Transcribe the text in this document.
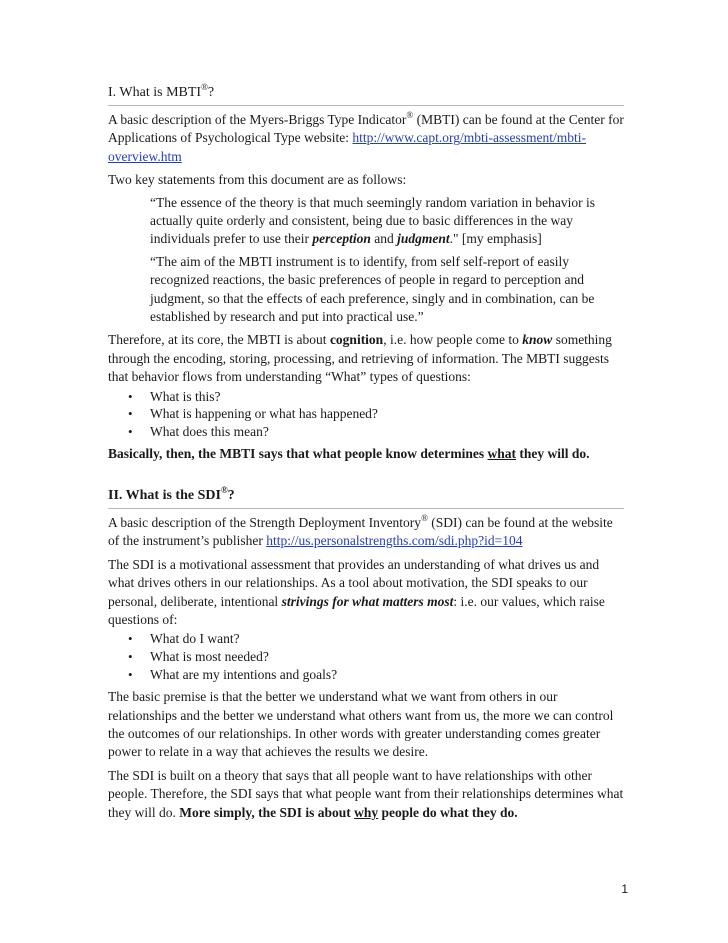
I. What is MBTI®?

A basic description of the Myers-Briggs Type Indicator® (MBTI) can be found at the Center for Applications of Psychological Type website: http://www.capt.org/mbti-assessment/mbti-overview.htm

Two key statements from this document are as follows:

“The essence of the theory is that much seemingly random variation in behavior is actually quite orderly and consistent, being due to basic differences in the way individuals prefer to use their perception and judgment." [my emphasis]

“The aim of the MBTI instrument is to identify, from self self-report of easily recognized reactions, the basic preferences of people in regard to perception and judgment, so that the effects of each preference, singly and in combination, can be established by research and put into practical use.”

Therefore, at its core, the MBTI is about cognition, i.e. how people come to know something through the encoding, storing, processing, and retrieving of information. The MBTI suggests that behavior flows from understanding “What” types of questions:

• What is this?
• What is happening or what has happened?
• What does this mean?

Basically, then, the MBTI says that what people know determines what they will do.

II. What is the SDI®?

A basic description of the Strength Deployment Inventory® (SDI) can be found at the website of the instrument’s publisher http://us.personalstrengths.com/sdi.php?id=104

The SDI is a motivational assessment that provides an understanding of what drives us and what drives others in our relationships. As a tool about motivation, the SDI speaks to our personal, deliberate, intentional strivings for what matters most: i.e. our values, which raise questions of:

• What do I want?
• What is most needed?
• What are my intentions and goals?

The basic premise is that the better we understand what we want from others in our relationships and the better we understand what others want from us, the more we can control the outcomes of our relationships. In other words with greater understanding comes greater power to relate in a way that achieves the results we desire.

The SDI is built on a theory that says that all people want to have relationships with other people. Therefore, the SDI says that what people want from their relationships determines what they will do. More simply, the SDI is about why people do what they do.

1
